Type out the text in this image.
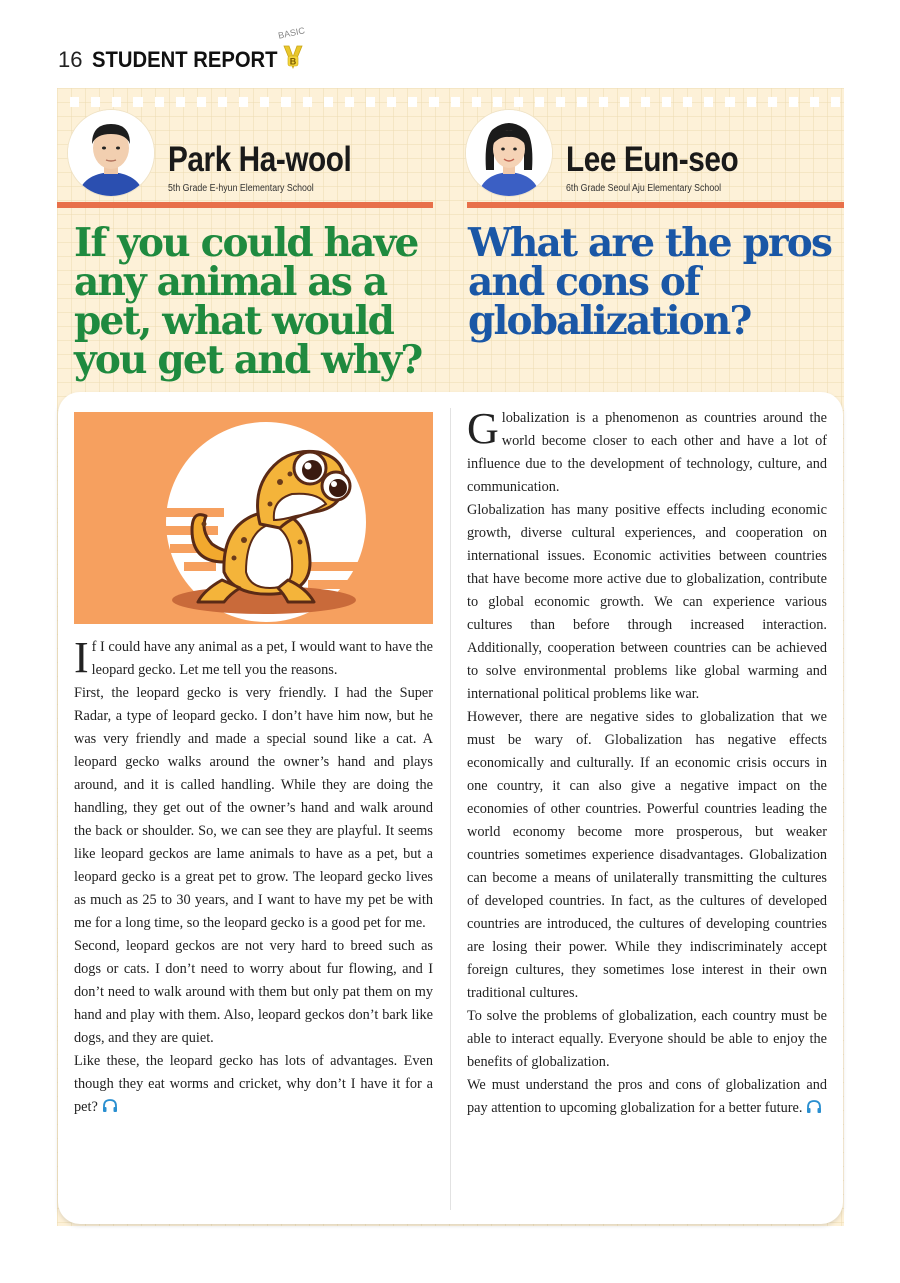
16 STUDENT REPORT
BASIC
B
Park Ha-wool
5th Grade E-hyun Elementary School
Lee Eun-seo
6th Grade Seoul Aju Elementary School
If you could have any animal as a pet, what would you get and why?
What are the pros and cons of globalization?
I f I could have any animal as a pet, I would want to have the leopard gecko. Let me tell you the reasons.

First, the leopard gecko is very friendly. I had the Super Radar, a type of leopard gecko. I don’t have him now, but he was very friendly and made a special sound like a cat. A leopard gecko walks around the owner’s hand and plays around, and it is called handling. While they are doing the handling, they get out of the owner’s hand and walk around the back or shoulder. So, we can see they are playful. It seems like leopard geckos are lame animals to have as a pet, but a leopard gecko is a great pet to grow. The leopard gecko lives as much as 25 to 30 years, and I want to have my pet be with me for a long time, so the leopard gecko is a good pet for me.

Second, leopard geckos are not very hard to breed such as dogs or cats. I don’t need to worry about fur flowing, and I don’t need to walk around with them but only pat them on my hand and play with them. Also, leopard geckos don’t bark like dogs, and they are quiet.

Like these, the leopard gecko has lots of advantages. Even though they eat worms and cricket, why don’t I have it for a pet?

G lobalization is a phenomenon as countries around the world become closer to each other and have a lot of influence due to the development of technology, culture, and communication.

Globalization has many positive effects including economic growth, diverse cultural experiences, and cooperation on international issues. Economic activities between countries that have become more active due to globalization, contribute to global economic growth. We can experience various cultures than before through increased interaction. Additionally, cooperation between countries can be achieved to solve environmental problems like global warming and international political problems like war.

However, there are negative sides to globalization that we must be wary of. Globalization has negative effects economically and culturally. If an economic crisis occurs in one country, it can also give a negative impact on the economies of other countries. Powerful countries leading the world economy become more prosperous, but weaker countries sometimes experience disadvantages. Globalization can become a means of unilaterally transmitting the cultures of developed countries. In fact, as the cultures of developed countries are introduced, the cultures of developing countries are losing their power. While they indiscriminately accept foreign cultures, they sometimes lose interest in their own traditional cultures.

To solve the problems of globalization, each country must be able to interact equally. Everyone should be able to enjoy the benefits of globalization.

We must understand the pros and cons of globalization and pay attention to upcoming globalization for a better future.
